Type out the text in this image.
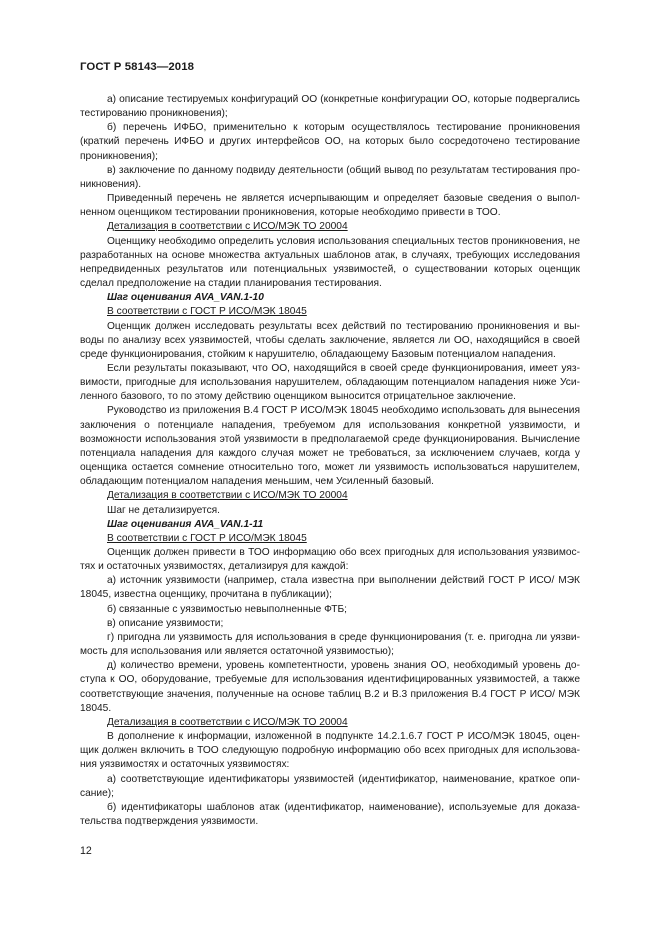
ГОСТ Р 58143—2018

а) описание тестируемых конфигураций ОО (конкретные конфигурации ОО, которые подвергались тестированию проникновения);

б) перечень ИФБО, применительно к которым осуществлялось тестирование проникновения (краткий перечень ИФБО и других интерфейсов ОО, на которых было сосредоточено тестирование проникновения);

в) заключение по данному подвиду деятельности (общий вывод по результатам тестирования проникновения).

Приведенный перечень не является исчерпывающим и определяет базовые сведения о выполненном оценщиком тестировании проникновения, которые необходимо привести в ТОО.

Детализация в соответствии с ИСО/МЭК ТО 20004

Оценщику необходимо определить условия использования специальных тестов проникновения, не разработанных на основе множества актуальных шаблонов атак, в случаях, требующих исследования непредвиденных результатов или потенциальных уязвимостей, о существовании которых оценщик сделал предположение на стадии планирования тестирования.

Шаг оценивания AVA_VAN.1-10

В соответствии с ГОСТ Р ИСО/МЭК 18045

Оценщик должен исследовать результаты всех действий по тестированию проникновения и выводы по анализу всех уязвимостей, чтобы сделать заключение, является ли ОО, находящийся в своей среде функционирования, стойким к нарушителю, обладающему Базовым потенциалом нападения.

Если результаты показывают, что ОО, находящийся в своей среде функционирования, имеет уязвимости, пригодные для использования нарушителем, обладающим потенциалом нападения ниже Усиленного базового, то по этому действию оценщиком выносится отрицательное заключение.

Руководство из приложения В.4 ГОСТ Р ИСО/МЭК 18045 необходимо использовать для вынесения заключения о потенциале нападения, требуемом для использования конкретной уязвимости, и возможности использования этой уязвимости в предполагаемой среде функционирования. Вычисление потенциала нападения для каждого случая может не требоваться, за исключением случаев, когда у оценщика остается сомнение относительно того, может ли уязвимость использоваться нарушителем, обладающим потенциалом нападения меньшим, чем Усиленный базовый.

Детализация в соответствии с ИСО/МЭК ТО 20004

Шаг не детализируется.

Шаг оценивания AVA_VAN.1-11

В соответствии с ГОСТ Р ИСО/МЭК 18045

Оценщик должен привести в ТОО информацию обо всех пригодных для использования уязвимостях и остаточных уязвимостях, детализируя для каждой:

а) источник уязвимости (например, стала известна при выполнении действий ГОСТ Р ИСО/ МЭК 18045, известна оценщику, прочитана в публикации);

б) связанные с уязвимостью невыполненные ФТБ;

в) описание уязвимости;

г) пригодна ли уязвимость для использования в среде функционирования (т. е. пригодна ли уязвимость для использования или является остаточной уязвимостью);

д) количество времени, уровень компетентности, уровень знания ОО, необходимый уровень доступа к ОО, оборудование, требуемые для использования идентифицированных уязвимостей, а также соответствующие значения, полученные на основе таблиц В.2 и В.3 приложения В.4 ГОСТ Р ИСО/ МЭК 18045.

Детализация в соответствии с ИСО/МЭК ТО 20004

В дополнение к информации, изложенной в подпункте 14.2.1.6.7 ГОСТ Р ИСО/МЭК 18045, оценщик должен включить в ТОО следующую подробную информацию обо всех пригодных для использования уязвимостях и остаточных уязвимостях:

а) соответствующие идентификаторы уязвимостей (идентификатор, наименование, краткое описание);

б) идентификаторы шаблонов атак (идентификатор, наименование), используемые для доказательства подтверждения уязвимости.

12
